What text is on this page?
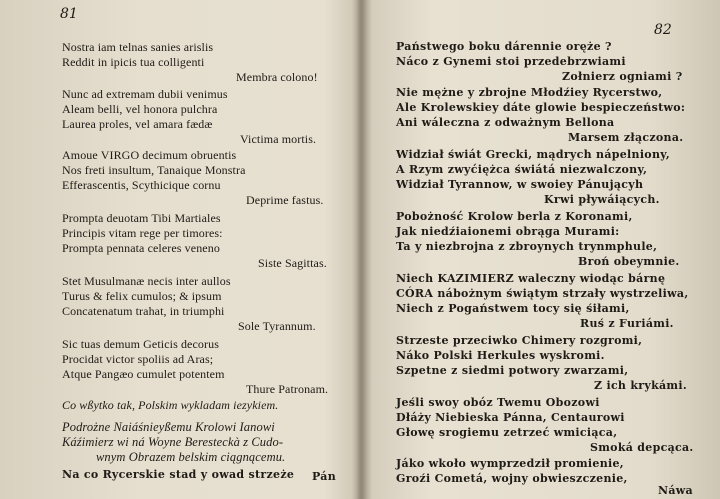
81
Nostra iam telnas sanies arislis
Reddit in ipicis tua colligenti
Membra colono!
Nunc ad extremam dubii venimus
Aleam belli, vel honora pulchra
Laurea proles, vel amara fædæ
Victima mortis.
Amoue VIRGO decimum obruentis
Nos freti insultum, Tanaique Monstra
Efferascentis, Scythicique cornu
Deprime fastus.
Prompta deuotam Tibi Martiales
Principis vitam rege per timores:
Prompta pennata celeres veneno
Siste Sagittas.
Stet Musulmanæ necis inter aullos
Turus & felix cumulos; & ipsum
Concatenatum trahat, in triumphi
Sole Tyrannum.
Sic tuas demum Geticis decorus
Procidat victor spoliis ad Aras;
Atque Pangæo cumulet potentem
Thure Patronam.
Co wßytko tak, Polskim wykladam iezykiem.
Podrożne Naiáśnieyßemu Krolowi Ianowi
Káźimierz wi ná Woyne Beresteckà z Cudo-
wnym Obrazem belskim ciągnącemu.
Na co Rycerskie stad y owad strzeże Pán
82
Państwego boku dárennie oręże ?
Náco z Gynemi stoi przedebrzwiami
Zołnierz ogniami ?
Nie mężne y zbrojne Młodźiey Rycerstwo,
Ale Krolewskiey dáte glowie bespieczeństwo:
Ani wáleczna z odważnym Bellona
Marsem złączona.
Widział świát Grecki, mądrych nápelniony,
A Rzym zwyćiężca świátá niezwalczony,
Widział Tyrannow, w swoiey Pánującyh
Krwi pływáiących.
Pobożność Krolow berla z Koronami,
Jak niedźiaionemi obrąga Murami:
Ta y niezbrojna z zbroynych trynmphule,
Broń obeymnie.
Niech KAZIMIERZ waleczny wiodąc bárnę
CÓRA nábożnym świątym strzały wystrzeliwa,
Niech z Pogaństwem tocy się śiłami,
Ruś z Furiámi.
Strzeste przeciwko Chimery rozgromi,
Náko Polski Herkules wyskromi.
Szpetne z siedmi potwory zwarzami,
Z ich krykámi.
Jeśli swoy obóz Twemu Obozowi
Dłáży Niebieska Pánna, Centaurowi
Głowę srogiemu zetrzeć wmiciąca,
Smoká depcąca.
Jáko wkoło wymprzedził promienie,
Groźi Cometá, wojny obwieszczenie,
Náwa
